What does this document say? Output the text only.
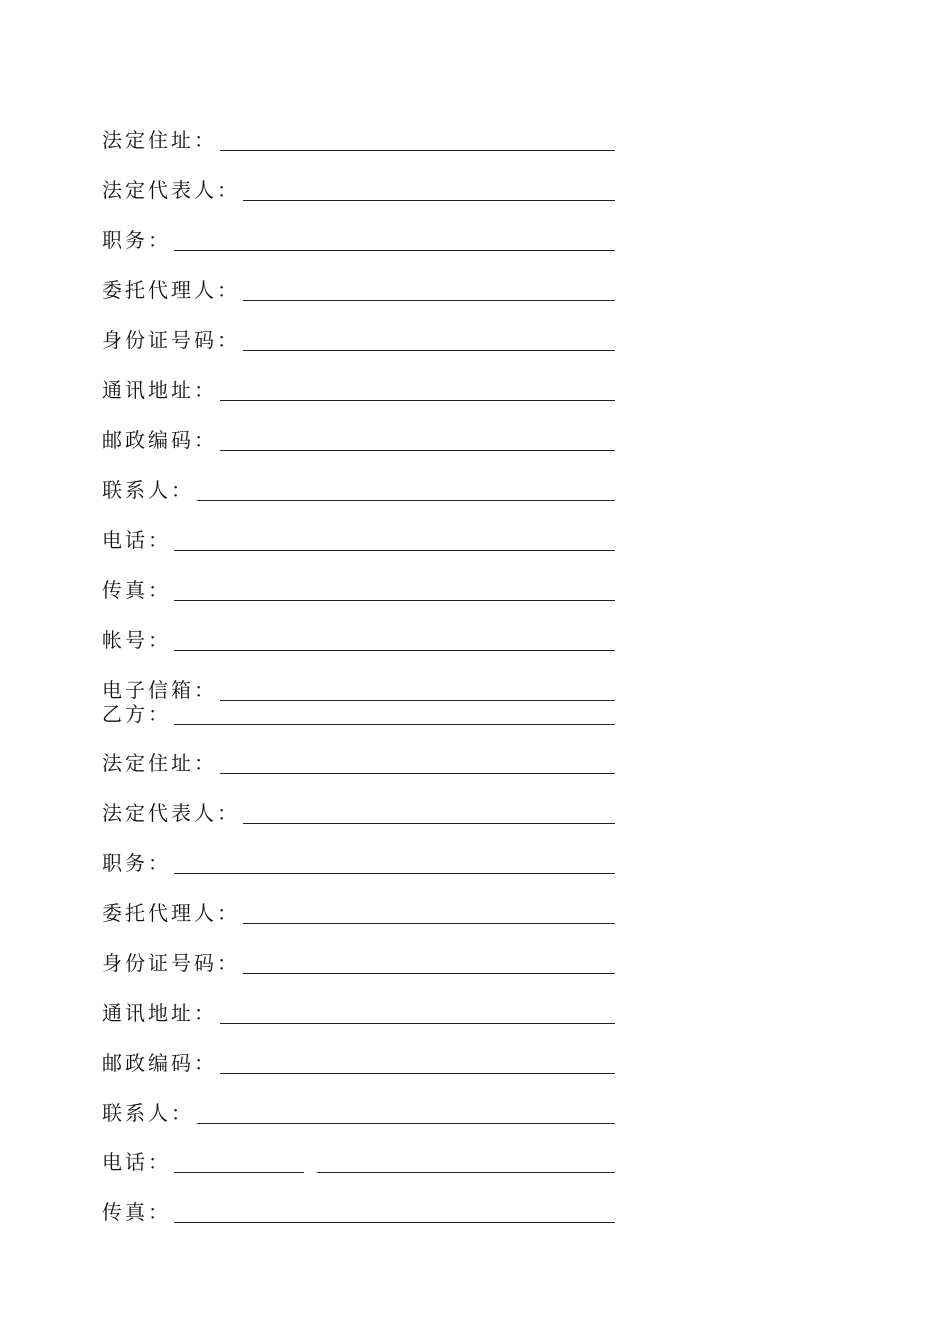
法定住址 ：
法定代表人 ：
职务 ：
委托代理人 ：
身份证号码 ：
通讯地址 ：
邮政编码 ：
联系人 ：
电话 ：
传真 ：
帐号 ：
电子信箱 ：
乙方 ：
法定住址 ：
法定代表人 ：
职务 ：
委托代理人 ：
身份证号码 ：
通讯地址 ：
邮政编码 ：
联系人 ：
电话 ：
传真 ：
